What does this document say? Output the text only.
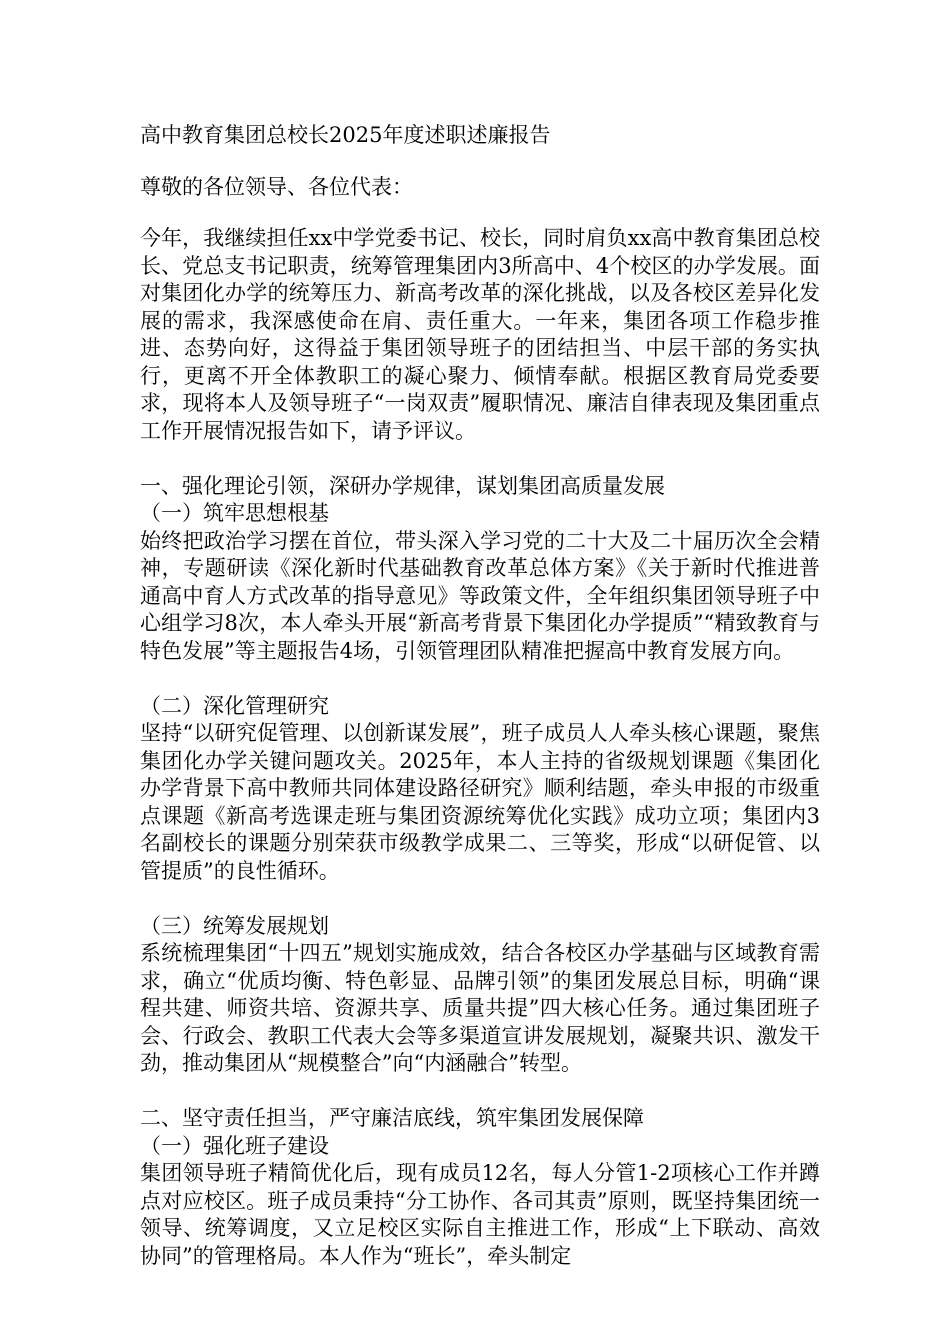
高中教育集团总校长2025年度述职述廉报告
尊敬的各位领导、各位代表：

今年，我继续担任xx中学党委书记、校长，同时肩负xx高中教育集团总校长、党总支书记职责，统筹管理集团内3所高中、4个校区的办学发展。面对集团化办学的统筹压力、新高考改革的深化挑战，以及各校区差异化发展的需求，我深感使命在肩、责任重大。一年来，集团各项工作稳步推进、态势向好，这得益于集团领导班子的团结担当、中层干部的务实执行，更离不开全体教职工的凝心聚力、倾情奉献。根据区教育局党委要求，现将本人及领导班子“一岗双责”履职情况、廉洁自律表现及集团重点工作开展情况报告如下，请予评议。

一、强化理论引领，深研办学规律，谋划集团高质量发展
（一）筑牢思想根基

始终把政治学习摆在首位，带头深入学习党的二十大及二十届历次全会精神，专题研读《深化新时代基础教育改革总体方案》《关于新时代推进普通高中育人方式改革的指导意见》等政策文件，全年组织集团领导班子中心组学习8次，本人牵头开展“新高考背景下集团化办学提质”“精致教育与特色发展”等主题报告4场，引领管理团队精准把握高中教育发展方向。

（二）深化管理研究

坚持“以研究促管理、以创新谋发展”，班子成员人人牵头核心课题，聚焦集团化办学关键问题攻关。2025年，本人主持的省级规划课题《集团化办学背景下高中教师共同体建设路径研究》顺利结题，牵头申报的市级重点课题《新高考选课走班与集团资源统筹优化实践》成功立项；集团内3名副校长的课题分别荣获市级教学成果二、三等奖，形成“以研促管、以管提质”的良性循环。

（三）统筹发展规划

系统梳理集团“十四五”规划实施成效，结合各校区办学基础与区域教育需求，确立“优质均衡、特色彰显、品牌引领”的集团发展总目标，明确“课程共建、师资共培、资源共享、质量共提”四大核心任务。通过集团班子会、行政会、教职工代表大会等多渠道宣讲发展规划，凝聚共识、激发干劲，推动集团从“规模整合”向“内涵融合”转型。

二、坚守责任担当，严守廉洁底线，筑牢集团发展保障
（一）强化班子建设

集团领导班子精简优化后，现有成员12名，每人分管1-2项核心工作并蹲点对应校区。班子成员秉持“分工协作、各司其责”原则，既坚持集团统一领导、统筹调度，又立足校区实际自主推进工作，形成“上下联动、高效协同”的管理格局。本人作为“班长”，牵头制定
